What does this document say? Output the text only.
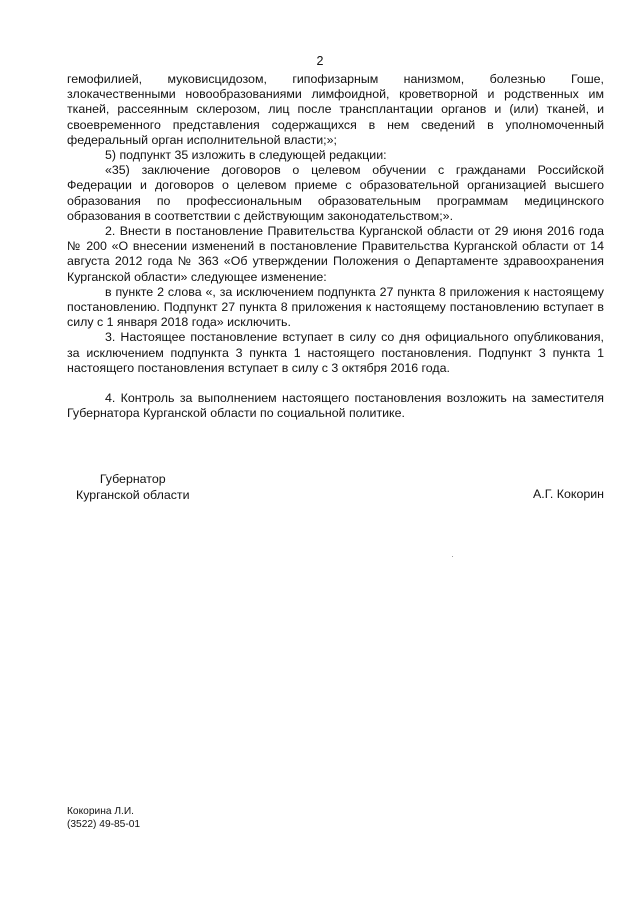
2

гемофилией, муковисцидозом, гипофизарным нанизмом, болезнью Гоше, злокачественными новообразованиями лимфоидной, кроветворной и родственных им тканей, рассеянным склерозом, лиц после трансплантации органов и (или) тканей, и своевременного представления содержащихся в нем сведений в уполномоченный федеральный орган исполнительной власти;»;

5) подпункт 35 изложить в следующей редакции:

«35) заключение договоров о целевом обучении с гражданами Российской Федерации и договоров о целевом приеме с образовательной организацией высшего образования по профессиональным образовательным программам медицинского образования в соответствии с действующим законодательством;».

2. Внести в постановление Правительства Курганской области от 29 июня 2016 года № 200 «О внесении изменений в постановление Правительства Курганской области от 14 августа 2012 года № 363 «Об утверждении Положения о Департаменте здравоохранения Курганской области» следующее изменение:

в пункте 2 слова «, за исключением подпункта 27 пункта 8 приложения к настоящему постановлению. Подпункт 27 пункта 8 приложения к настоящему постановлению вступает в силу с 1 января 2018 года» исключить.

3. Настоящее постановление вступает в силу со дня официального опубликования, за исключением подпункта 3 пункта 1 настоящего постановления. Подпункт 3 пункта 1 настоящего постановления вступает в силу с 3 октября 2016 года.

4. Контроль за выполнением настоящего постановления возложить на заместителя Губернатора Курганской области по социальной политике.

Губернатор
Курганской области	А.Г. Кокорин
Кокорина Л.И.
(3522) 49-85-01
